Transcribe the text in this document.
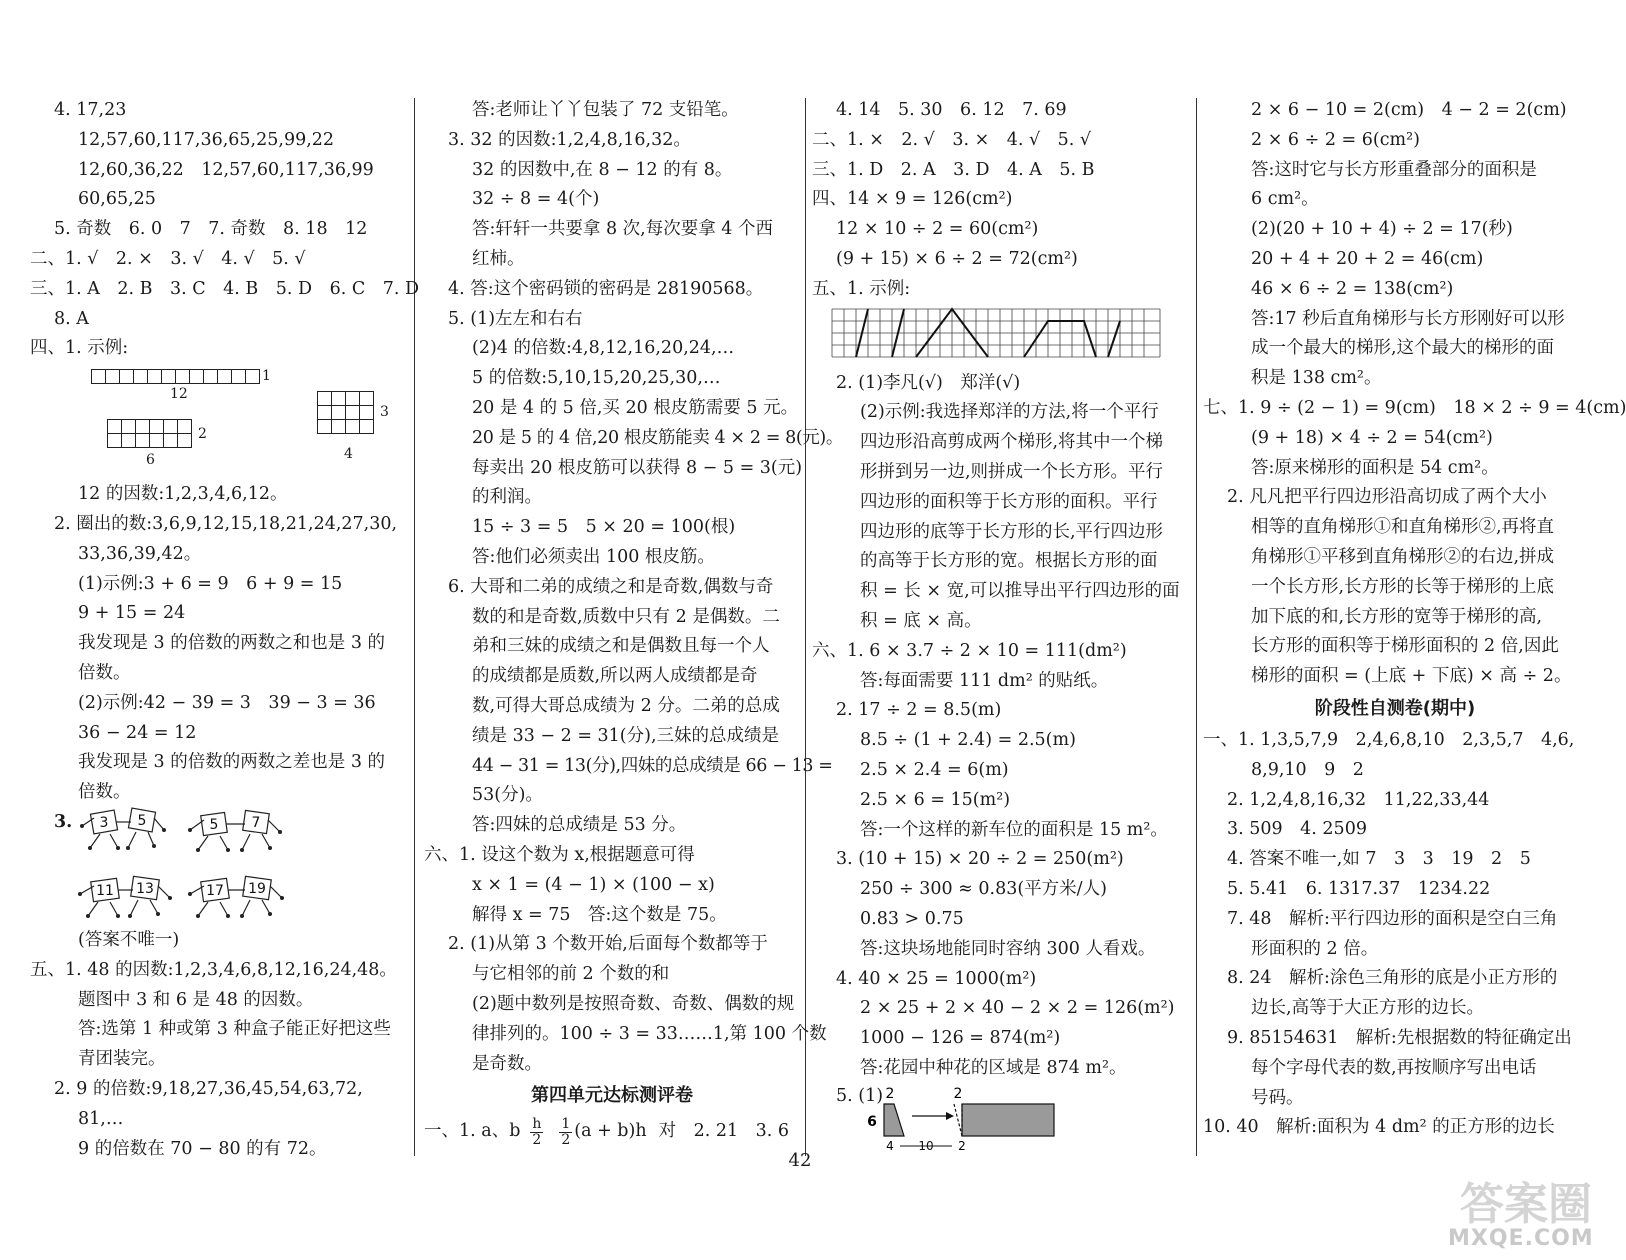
4. 17,23
12,57,60,117,36,65,25,99,22
12,60,36,22　12,57,60,117,36,99
60,65,25
5. 奇数　6. 0　7　7. 奇数　8. 18　12
二、1. √　2. ×　3. √　4. √　5. √
三、1. A　2. B　3. C　4. B　5. D　6. C　7. D
8. A
四、1. 示例:
12
1
2
6
3
4
12 的因数:1,2,3,4,6,12。
2. 圈出的数:3,6,9,12,15,18,21,24,27,30,
33,36,39,42。
(1)示例:3 + 6 = 9　6 + 9 = 15
9 + 15 = 24
我发现是 3 的倍数的两数之和也是 3 的
倍数。
(2)示例:42 − 39 = 3　39 − 3 = 36
36 − 24 = 12
我发现是 3 的倍数的两数之差也是 3 的
倍数。
3. 3 5	5 7
11 13	17 19
(答案不唯一)
五、1. 48 的因数:1,2,3,4,6,8,12,16,24,48。
题图中 3 和 6 是 48 的因数。
答:选第 1 种或第 3 种盒子能正好把这些
青团装完。
2. 9 的倍数:9,18,27,36,45,54,63,72,
81,…
9 的倍数在 70 − 80 的有 72。
答:老师让丫丫包装了 72 支铅笔。
3. 32 的因数:1,2,4,8,16,32。
32 的因数中,在 8 − 12 的有 8。
32 ÷ 8 = 4(个)
答:轩轩一共要拿 8 次,每次要拿 4 个西
红柿。
4. 答:这个密码锁的密码是 28190568。
5. (1)左左和右右
(2)4 的倍数:4,8,12,16,20,24,…
5 的倍数:5,10,15,20,25,30,…
20 是 4 的 5 倍,买 20 根皮筋需要 5 元。
20 是 5 的 4 倍,20 根皮筋能卖 4 × 2 = 8(元)。
每卖出 20 根皮筋可以获得 8 − 5 = 3(元)
的利润。
15 ÷ 3 = 5　5 × 20 = 100(根)
答:他们必须卖出 100 根皮筋。
6. 大哥和二弟的成绩之和是奇数,偶数与奇
数的和是奇数,质数中只有 2 是偶数。二
弟和三妹的成绩之和是偶数且每一个人
的成绩都是质数,所以两人成绩都是奇
数,可得大哥总成绩为 2 分。二弟的总成
绩是 33 − 2 = 31(分),三妹的总成绩是
44 − 31 = 13(分),四妹的总成绩是 66 − 13 =
53(分)。
答:四妹的总成绩是 53 分。
六、1. 设这个数为 x,根据题意可得
x × 1 = (4 − 1) × (100 − x)
解得 x = 75　答:这个数是 75。
2. (1)从第 3 个数开始,后面每个数都等于
与它相邻的前 2 个数的和
(2)题中数列是按照奇数、奇数、偶数的规
律排列的。100 ÷ 3 = 33……1,第 100 个数
是奇数。
第四单元达标测评卷
一、1. a、b $\frac{h}{2} \frac{1}{2} (a + b)h$ 对　2. 21　3. 6
4. 14　5. 30　6. 12　7. 69
二、1. ×　2. √　3. ×　4. √　5. √
三、1. D　2. A　3. D　4. A　5. B
四、14 × 9 = 126(cm²)
12 × 10 ÷ 2 = 60(cm²)
(9 + 15) × 6 ÷ 2 = 72(cm²)
五、1. 示例:
2. (1)李凡(√)　郑洋(√)
(2)示例:我选择郑洋的方法,将一个平行
四边形沿高剪成两个梯形,将其中一个梯
形拼到另一边,则拼成一个长方形。平行
四边形的面积等于长方形的面积。平行
四边形的底等于长方形的长,平行四边形
的高等于长方形的宽。根据长方形的面
积 = 长 × 宽,可以推导出平行四边形的面
积 = 底 × 高。
六、1. 6 × 3.7 ÷ 2 × 10 = 111(dm²)
答:每面需要 111 dm² 的贴纸。
2. 17 ÷ 2 = 8.5(m)
8.5 ÷ (1 + 2.4) = 2.5(m)
2.5 × 2.4 = 6(m)
2.5 × 6 = 15(m²)
答:一个这样的新车位的面积是 15 m²。
3. (10 + 15) × 20 ÷ 2 = 250(m²)
250 ÷ 300 ≈ 0.83(平方米/人)
0.83 > 0.75
答:这块场地能同时容纳 300 人看戏。
4. 40 × 25 = 1000(m²)
2 × 25 + 2 × 40 − 2 × 2 = 126(m²)
1000 − 126 = 874(m²)
答:花园中种花的区域是 874 m²。
5. (1) 2	2
6
4 10 2
2 × 6 − 10 = 2(cm)　4 − 2 = 2(cm)
2 × 6 ÷ 2 = 6(cm²)
答:这时它与长方形重叠部分的面积是
6 cm²。
(2)(20 + 10 + 4) ÷ 2 = 17(秒)
20 + 4 + 20 + 2 = 46(cm)
46 × 6 ÷ 2 = 138(cm²)
答:17 秒后直角梯形与长方形刚好可以形
成一个最大的梯形,这个最大的梯形的面
积是 138 cm²。
七、1. 9 ÷ (2 − 1) = 9(cm)　18 × 2 ÷ 9 = 4(cm)
(9 + 18) × 4 ÷ 2 = 54(cm²)
答:原来梯形的面积是 54 cm²。
2. 凡凡把平行四边形沿高切成了两个大小
相等的直角梯形①和直角梯形②,再将直
角梯形①平移到直角梯形②的右边,拼成
一个长方形,长方形的长等于梯形的上底
加下底的和,长方形的宽等于梯形的高,
长方形的面积等于梯形面积的 2 倍,因此
梯形的面积 = (上底 + 下底) × 高 ÷ 2。
阶段性自测卷(期中)
一、1. 1,3,5,7,9　2,4,6,8,10　2,3,5,7　4,6,
8,9,10　9　2
2. 1,2,4,8,16,32　11,22,33,44
3. 509　4. 2509
4. 答案不唯一,如 7　3　3　19　2　5
5. 5.41　6. 1317.37　1234.22
7. 48　解析:平行四边形的面积是空白三角
形面积的 2 倍。
8. 24　解析:涂色三角形的底是小正方形的
边长,高等于大正方形的边长。
9. 85154631　解析:先根据数的特征确定出
每个字母代表的数,再按顺序写出电话
号码。
10. 40　解析:面积为 4 dm² 的正方形的边长
42
答案圈
MXQE.COM
